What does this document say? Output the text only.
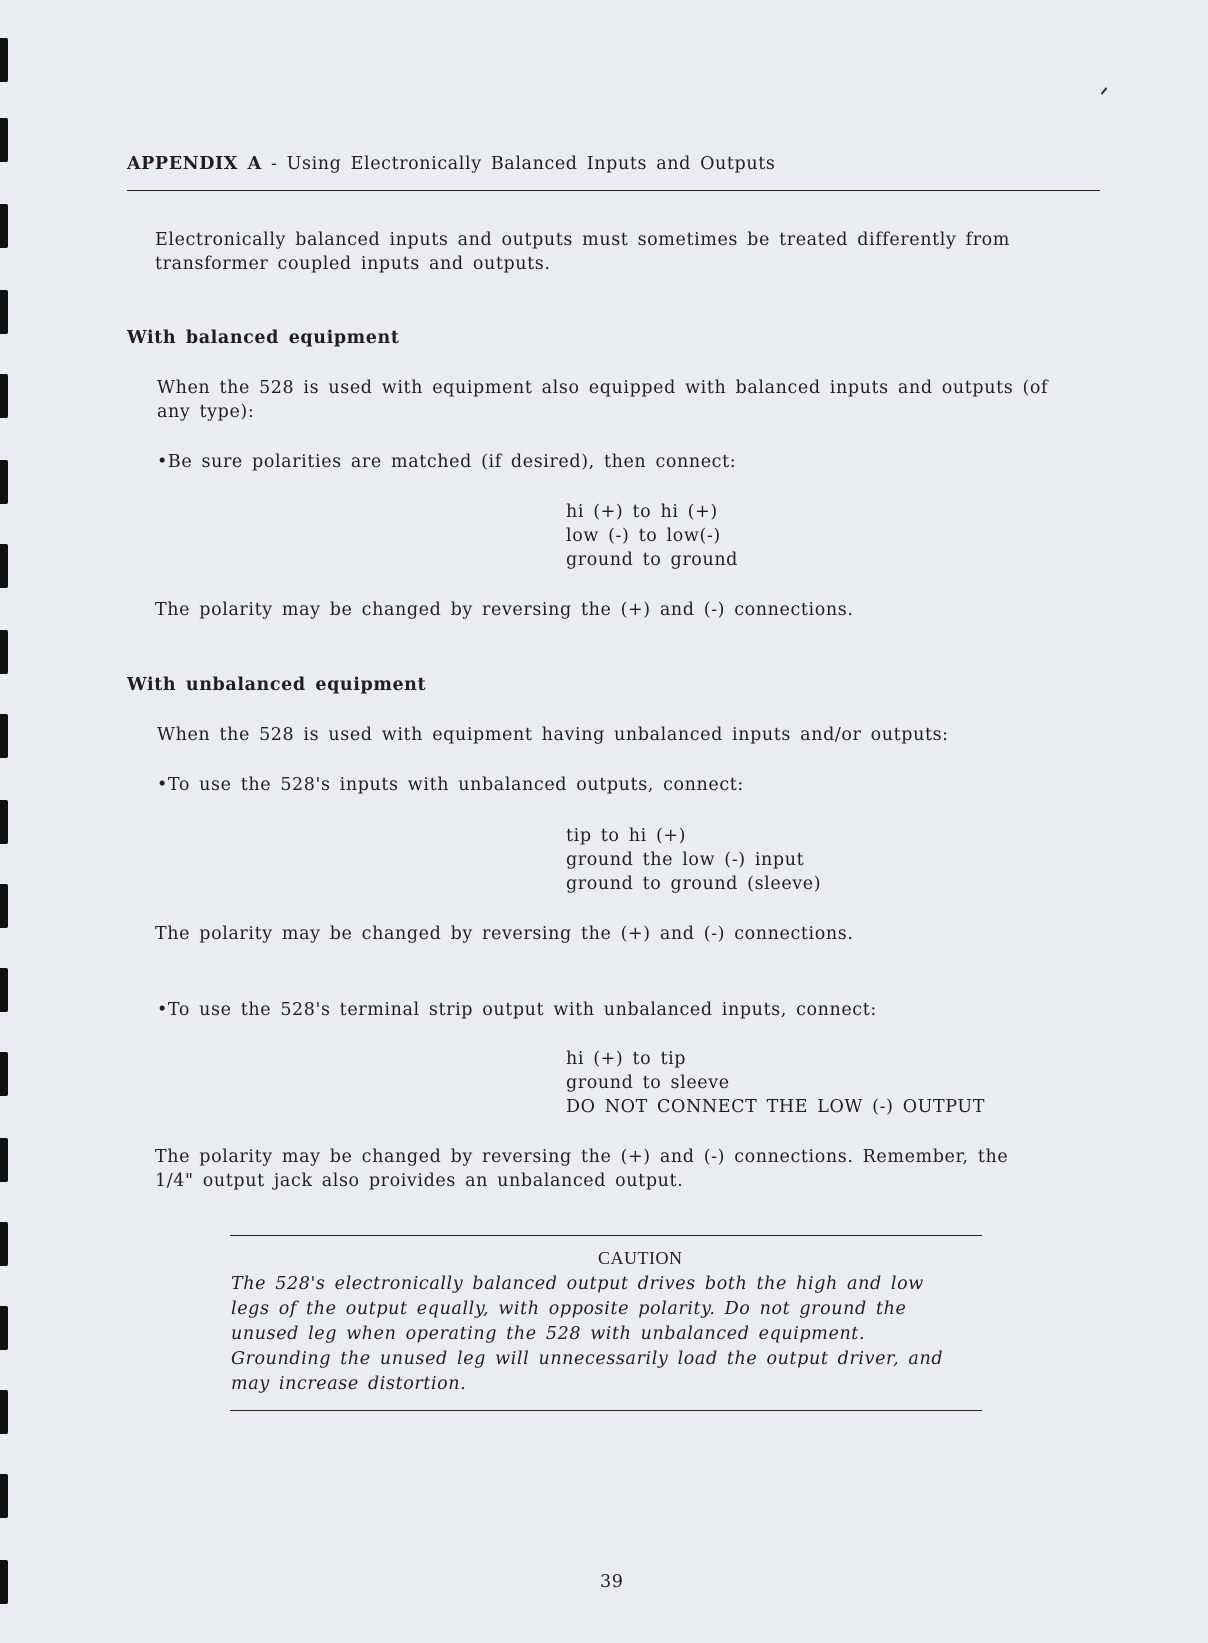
APPENDIX A - Using Electronically Balanced Inputs and Outputs
Electronically balanced inputs and outputs must sometimes be treated differently from
transformer coupled inputs and outputs.
With balanced equipment
When the 528 is used with equipment also equipped with balanced inputs and outputs (of
any type):
•Be sure polarities are matched (if desired), then connect:
hi (+) to hi (+)
low (-) to low(-)
ground to ground
The polarity may be changed by reversing the (+) and (-) connections.
With unbalanced equipment
When the 528 is used with equipment having unbalanced inputs and/or outputs:
•To use the 528's inputs with unbalanced outputs, connect:
tip to hi (+)
ground the low (-) input
ground to ground (sleeve)
The polarity may be changed by reversing the (+) and (-) connections.
•To use the 528's terminal strip output with unbalanced inputs, connect:
hi (+) to tip
ground to sleeve
DO NOT CONNECT THE LOW (-) OUTPUT
The polarity may be changed by reversing the (+) and (-) connections. Remember, the
1/4" output jack also proivides an unbalanced output.
CAUTION
The 528's electronically balanced output drives both the high and low
legs of the output equally, with opposite polarity. Do not ground the
unused leg when operating the 528 with unbalanced equipment.
Grounding the unused leg will unnecessarily load the output driver, and
may increase distortion.
39
